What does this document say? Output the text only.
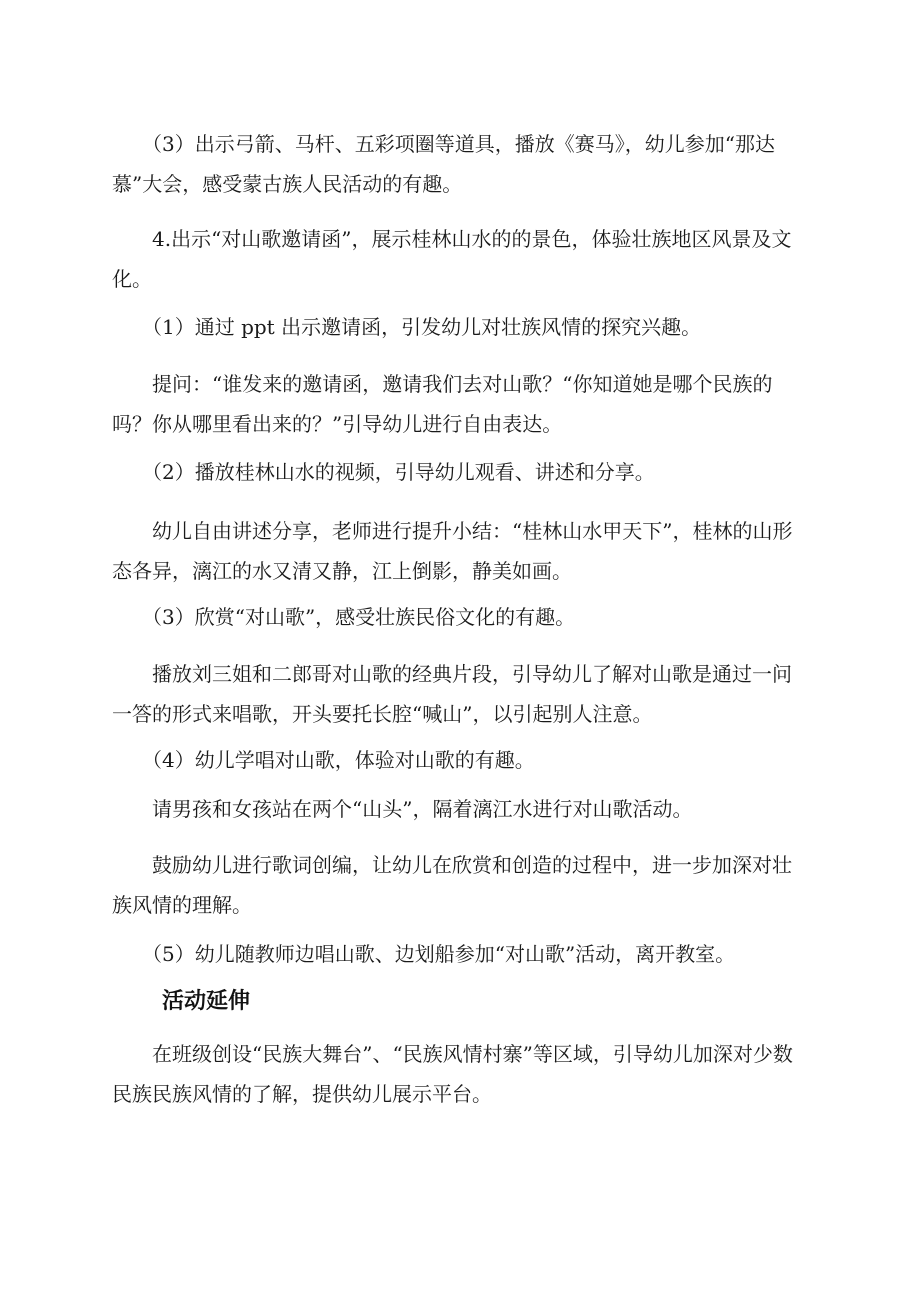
　　（3）出示弓箭、马杆、五彩项圈等道具，播放《赛马》，幼儿参加“那达慕”大会，感受蒙古族人民活动的有趣。

　　4.出示“对山歌邀请函”，展示桂林山水的的景色，体验壮族地区风景及文化。

　　（1）通过 ppt 出示邀请函，引发幼儿对壮族风情的探究兴趣。

　　提问：“谁发来的邀请函，邀请我们去对山歌？“你知道她是哪个民族的吗？你从哪里看出来的？”引导幼儿进行自由表达。

　　（2）播放桂林山水的视频，引导幼儿观看、讲述和分享。

　　幼儿自由讲述分享，老师进行提升小结：“桂林山水甲天下”，桂林的山形态各异，漓江的水又清又静，江上倒影，静美如画。

　　（3）欣赏“对山歌”，感受壮族民俗文化的有趣。

　　播放刘三姐和二郎哥对山歌的经典片段，引导幼儿了解对山歌是通过一问一答的形式来唱歌，开头要托长腔“喊山”，以引起别人注意。

　　（4）幼儿学唱对山歌，体验对山歌的有趣。

　　请男孩和女孩站在两个“山头”，隔着漓江水进行对山歌活动。

　　鼓励幼儿进行歌词创编，让幼儿在欣赏和创造的过程中，进一步加深对壮族风情的理解。

　　（5）幼儿随教师边唱山歌、边划船参加“对山歌”活动，离开教室。

活动延伸

　　在班级创设“民族大舞台”、“民族风情村寨”等区域，引导幼儿加深对少数民族民族风情的了解，提供幼儿展示平台。
